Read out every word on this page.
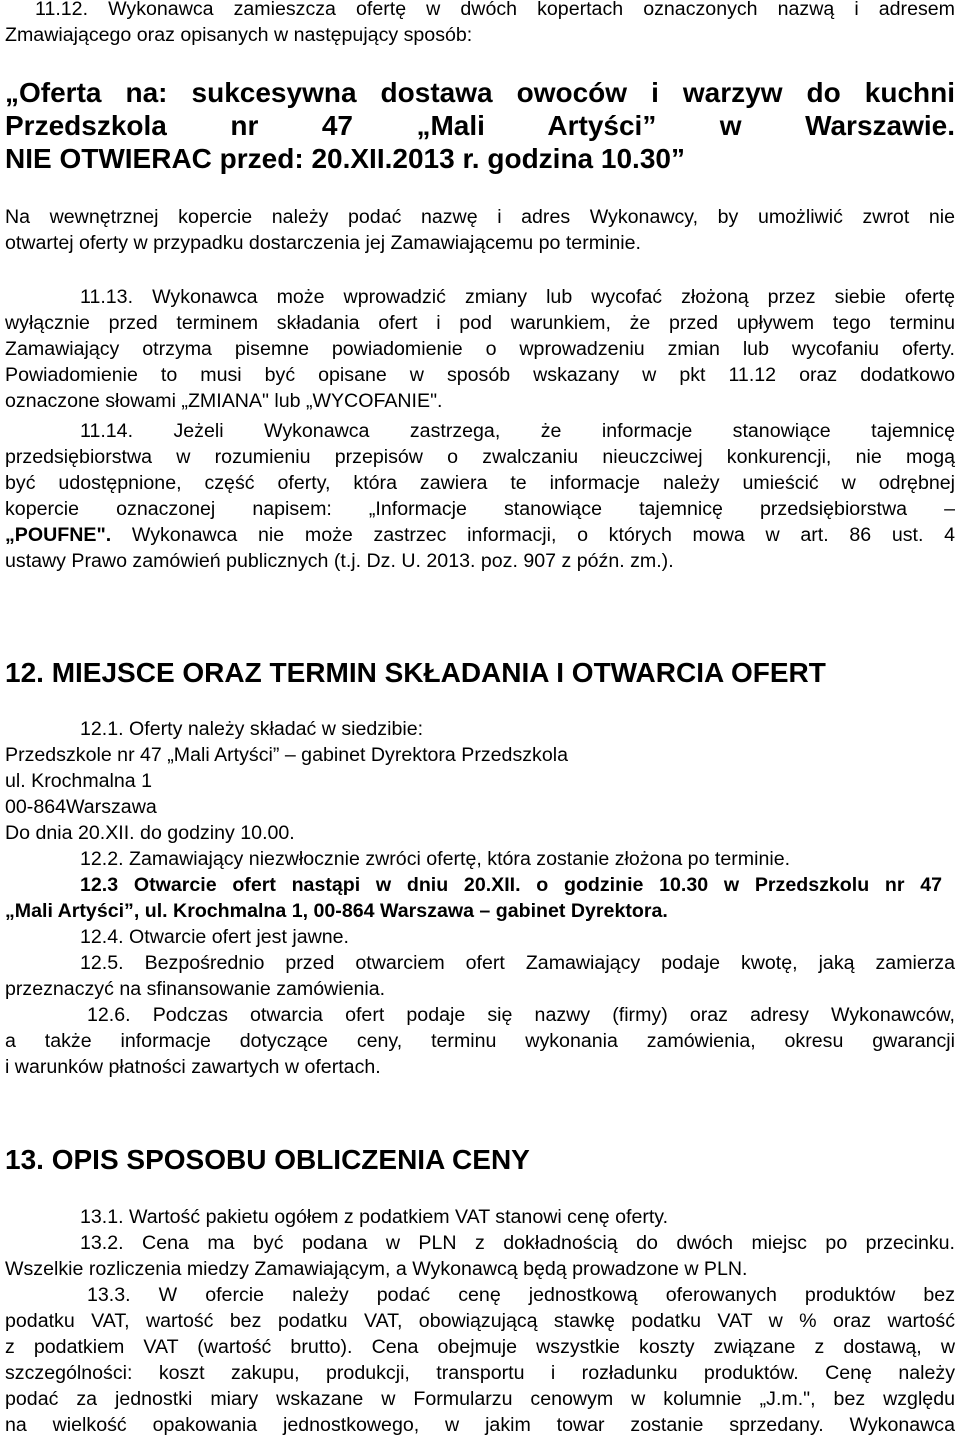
11.12. Wykonawca zamieszcza ofertę w dwóch kopertach oznaczonych nazwą i adresem
Zmawiającego oraz opisanych w następujący sposób:
„Oferta na: sukcesywna dostawa owoców i warzyw do kuchni
Przedszkola nr 47 „Mali Artyści” w Warszawie.
NIE OTWIERAC przed: 20.XII.2013 r. godzina 10.30”
Na wewnętrznej kopercie należy podać nazwę i adres Wykonawcy, by umożliwić zwrot nie
otwartej oferty w przypadku dostarczenia jej Zamawiającemu po terminie.
11.13. Wykonawca może wprowadzić zmiany lub wycofać złożoną przez siebie ofertę
wyłącznie przed terminem składania ofert i pod warunkiem, że przed upływem tego terminu
Zamawiający otrzyma pisemne powiadomienie o wprowadzeniu zmian lub wycofaniu oferty.
Powiadomienie to musi być opisane w sposób wskazany w pkt 11.12 oraz dodatkowo
oznaczone słowami „ZMIANA" lub „WYCOFANIE".
11.14. Jeżeli Wykonawca zastrzega, że informacje stanowiące tajemnicę
przedsiębiorstwa w rozumieniu przepisów o zwalczaniu nieuczciwej konkurencji, nie mogą
być udostępnione, część oferty, która zawiera te informacje należy umieścić w odrębnej
kopercie oznaczonej napisem: „Informacje stanowiące tajemnicę przedsiębiorstwa –
„POUFNE". Wykonawca nie może zastrzec informacji, o których mowa w art. 86 ust. 4
ustawy Prawo zamówień publicznych (t.j. Dz. U. 2013. poz. 907 z późn. zm.).
12. MIEJSCE ORAZ TERMIN SKŁADANIA I OTWARCIA OFERT
12.1. Oferty należy składać w siedzibie:
Przedszkole nr 47 „Mali Artyści” – gabinet Dyrektora Przedszkola
ul. Krochmalna 1
00-864Warszawa
Do dnia 20.XII. do godziny 10.00.
12.2. Zamawiający niezwłocznie zwróci ofertę, która zostanie złożona po terminie.
12.3 Otwarcie ofert nastąpi w dniu 20.XII. o godzinie 10.30 w Przedszkolu nr 47
„Mali Artyści”, ul. Krochmalna 1, 00-864 Warszawa – gabinet Dyrektora.
12.4. Otwarcie ofert jest jawne.
12.5. Bezpośrednio przed otwarciem ofert Zamawiający podaje kwotę, jaką zamierza
przeznaczyć na sfinansowanie zamówienia.
12.6. Podczas otwarcia ofert podaje się nazwy (firmy) oraz adresy Wykonawców,
a także informacje dotyczące ceny, terminu wykonania zamówienia, okresu gwarancji
i warunków płatności zawartych w ofertach.
13. OPIS SPOSOBU OBLICZENIA CENY
13.1. Wartość pakietu ogółem z podatkiem VAT stanowi cenę oferty.
13.2. Cena ma być podana w PLN z dokładnością do dwóch miejsc po przecinku.
Wszelkie rozliczenia miedzy Zamawiającym, a Wykonawcą będą prowadzone w PLN.
13.3. W ofercie należy podać cenę jednostkową oferowanych produktów bez
podatku VAT, wartość bez podatku VAT, obowiązującą stawkę podatku VAT w % oraz wartość
z podatkiem VAT (wartość brutto). Cena obejmuje wszystkie koszty związane z dostawą, w
szczególności: koszt zakupu, produkcji, transportu i rozładunku produktów. Cenę należy
podać za jednostki miary wskazane w Formularzu cenowym w kolumnie „J.m.", bez względu
na wielkość opakowania jednostkowego, w jakim towar zostanie sprzedany. Wykonawca
